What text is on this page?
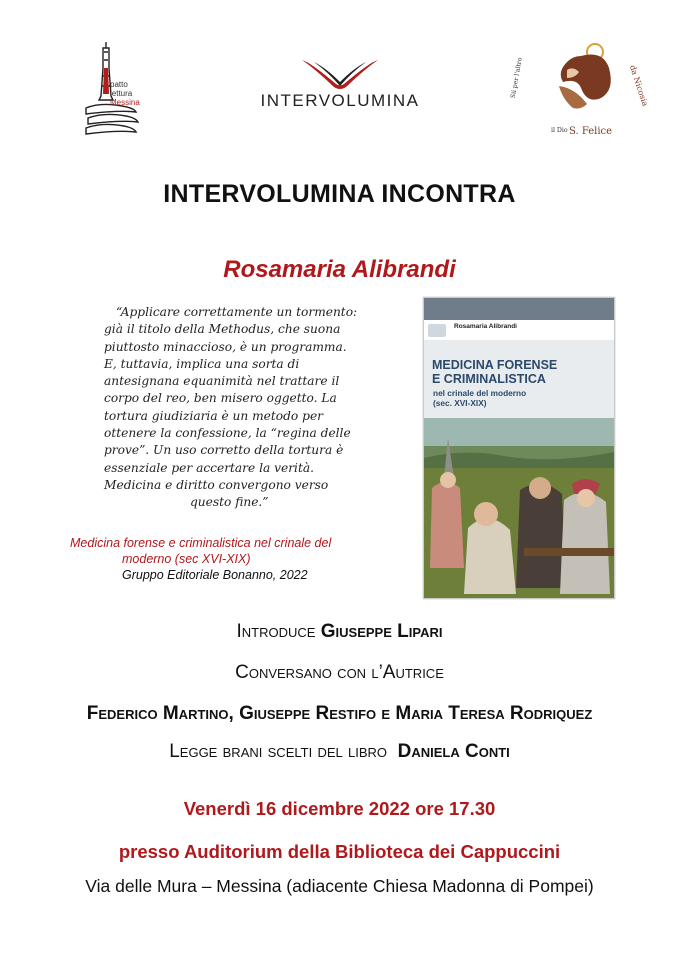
patto
lettura
Messina	INTERVOLUMINA
Sii per l'altro
il Dio S. Felice
da Nicosia
INTERVOLUMINA INCONTRA
Rosamaria Alibrandi
“Applicare correttamente un tormento:
già il titolo della Methodus, che suona
piuttosto minaccioso, è un programma.
E, tuttavia, implica una sorta di
antesignana equanimità nel trattare il
corpo del reo, ben misero oggetto. La
tortura giudiziaria è un metodo per
ottenere la confessione, la “regina delle
prove”. Un uso corretto della tortura è
essenziale per accertare la verità.
Medicina e diritto convergono verso
questo fine.”
Medicina forense e criminalistica nel crinale del
moderno (sec XVI-XIX)
Gruppo Editoriale Bonanno, 2022
Rosamaria Alibrandi
MEDICINA FORENSE
E CRIMINALISTICA
nel crinale del moderno
(sec. XVI-XIX)
Introduce Giuseppe Lipari
Conversano con l’Autrice
Federico Martino, Giuseppe Restifo e Maria Teresa Rodriquez
Legge brani scelti del libro Daniela Conti
Venerdì 16 dicembre 2022 ore 17.30
presso Auditorium della Biblioteca dei Cappuccini
Via delle Mura – Messina (adiacente Chiesa Madonna di Pompei)
